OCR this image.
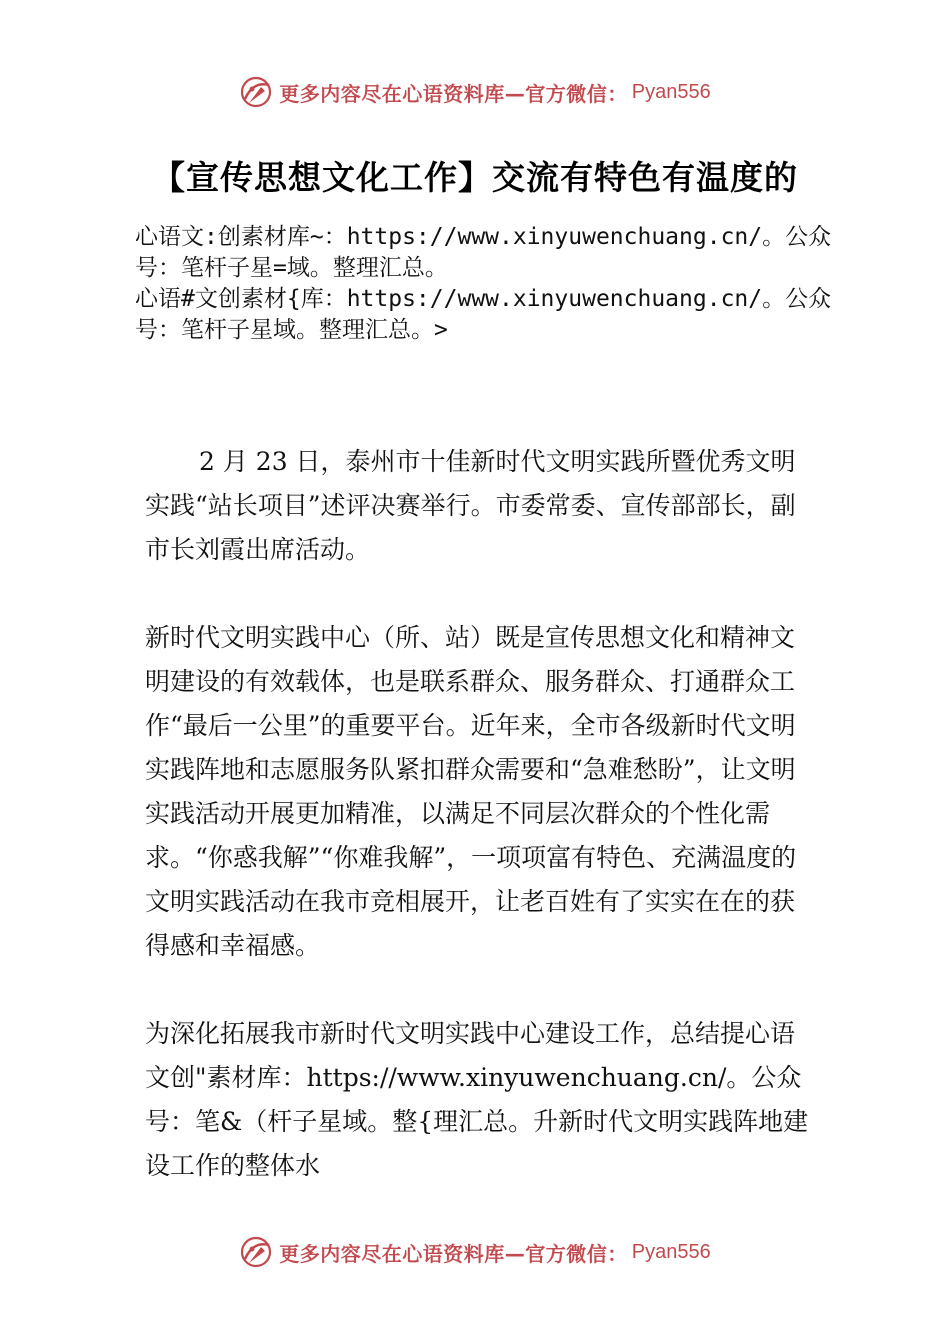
更多内容尽在心语资料库—官方微信： Pyan556
【宣传思想文化工作】交流有特色有温度的

心语文:创素材库~：https://www.xinyuwenchuang.cn/。公众号：笔杆子星=域。整理汇总。

心语#文创素材{库：https://www.xinyuwenchuang.cn/。公众号：笔杆子星域。整理汇总。>

2 月 23 日，泰州市十佳新时代文明实践所暨优秀文明实践“站长项目”述评决赛举行。市委常委、宣传部部长，副市长刘霞出席活动。

新时代文明实践中心（所、站）既是宣传思想文化和精神文明建设的有效载体，也是联系群众、服务群众、打通群众工作“最后一公里”的重要平台。近年来，全市各级新时代文明实践阵地和志愿服务队紧扣群众需要和“急难愁盼”，让文明实践活动开展更加精准，以满足不同层次群众的个性化需求。“你惑我解”“你难我解”，一项项富有特色、充满温度的文明实践活动在我市竞相展开，让老百姓有了实实在在的获得感和幸福感。

为深化拓展我市新时代文明实践中心建设工作，总结提心语文创"素材库：https://www.xinyuwenchuang.cn/。公众号：笔&（杆子星域。整{理汇总。升新时代文明实践阵地建设工作的整体水

更多内容尽在心语资料库—官方微信： Pyan556
